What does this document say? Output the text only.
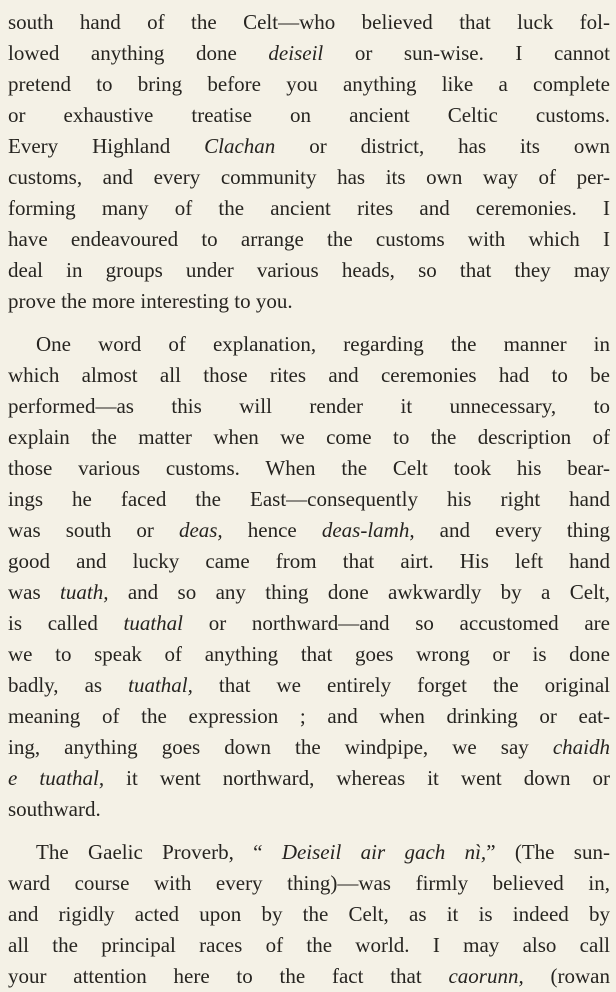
south hand of the Celt—who believed that luck fol-
lowed anything done deiseil or sun-wise. I cannot
pretend to bring before you anything like a complete
or exhaustive treatise on ancient Celtic customs.
Every Highland Clachan or district, has its own
customs, and every community has its own way of per-
forming many of the ancient rites and ceremonies. I
have endeavoured to arrange the customs with which I
deal in groups under various heads, so that they may
prove the more interesting to you.
One word of explanation, regarding the manner in
which almost all those rites and ceremonies had to be
performed—as this will render it unnecessary, to
explain the matter when we come to the description of
those various customs. When the Celt took his bear-
ings he faced the East—consequently his right hand
was south or deas, hence deas-lamh, and every thing
good and lucky came from that airt. His left hand
was tuath, and so any thing done awkwardly by a Celt,
is called tuathal or northward—and so accustomed are
we to speak of anything that goes wrong or is done
badly, as tuathal, that we entirely forget the original
meaning of the expression ; and when drinking or eat-
ing, anything goes down the windpipe, we say chaidh
e tuathal, it went northward, whereas it went down or
southward.
The Gaelic Proverb, “ Deiseil air gach nì,” (The sun-
ward course with every thing)—was firmly believed in,
and rigidly acted upon by the Celt, as it is indeed by
all the principal races of the world. I may also call
your attention here to the fact that caorunn, (rowan
